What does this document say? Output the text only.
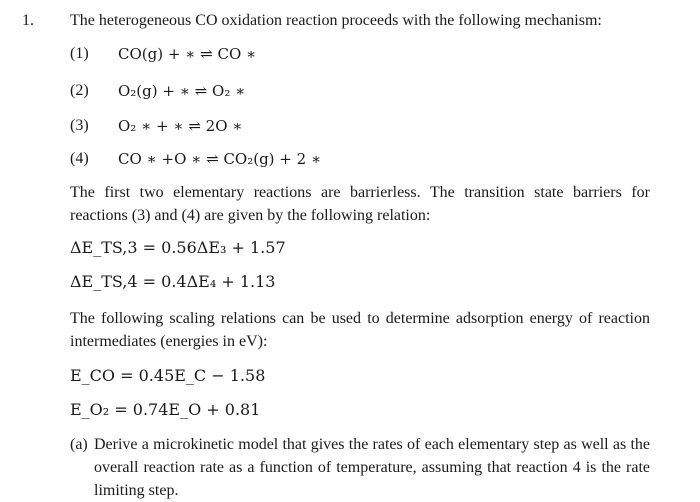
1. The heterogeneous CO oxidation reaction proceeds with the following mechanism:
(1) CO(g) + ∗ ⇌ CO ∗
(2) O₂(g) + ∗ ⇌ O₂ ∗
(3) O₂ ∗ + ∗ ⇌ 2O ∗
(4) CO ∗ +O ∗ ⇌ CO₂(g) + 2 ∗
The first two elementary reactions are barrierless. The transition state barriers for reactions (3) and (4) are given by the following relation:
ΔE_TS,3 = 0.56ΔE₃ + 1.57
ΔE_TS,4 = 0.4ΔE₄ + 1.13
The following scaling relations can be used to determine adsorption energy of reaction intermediates (energies in eV):
E_CO = 0.45E_C − 1.58
E_O₂ = 0.74E_O + 0.81
(a) Derive a microkinetic model that gives the rates of each elementary step as well as the overall reaction rate as a function of temperature, assuming that reaction 4 is the rate limiting step.
